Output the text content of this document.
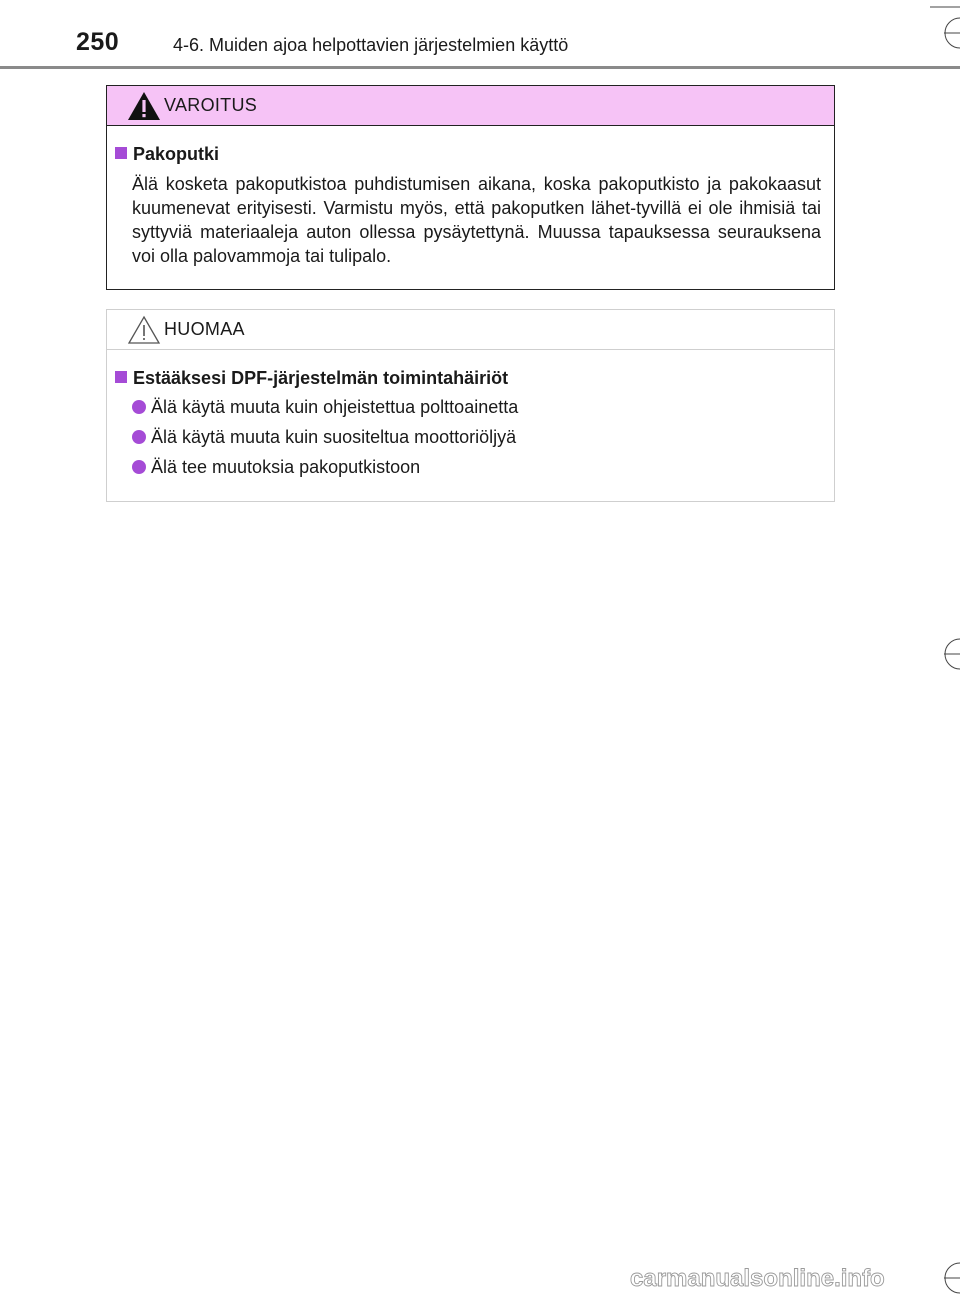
250	4-6. Muiden ajoa helpottavien järjestelmien käyttö
VAROITUS
Pakoputki
Älä kosketa pakoputkistoa puhdistumisen aikana, koska pakoputkisto ja pakokaasut kuumenevat erityisesti. Varmistu myös, että pakoputken lähet-tyvillä ei ole ihmisiä tai syttyviä materiaaleja auton ollessa pysäytettynä. Muussa tapauksessa seurauksena voi olla palovammoja tai tulipalo.
HUOMAA
Estääksesi DPF-järjestelmän toimintahäiriöt
Älä käytä muuta kuin ohjeistettua polttoainetta
Älä käytä muuta kuin suositeltua moottoriöljyä
Älä tee muutoksia pakoputkistoon
carmanualsonline.info
